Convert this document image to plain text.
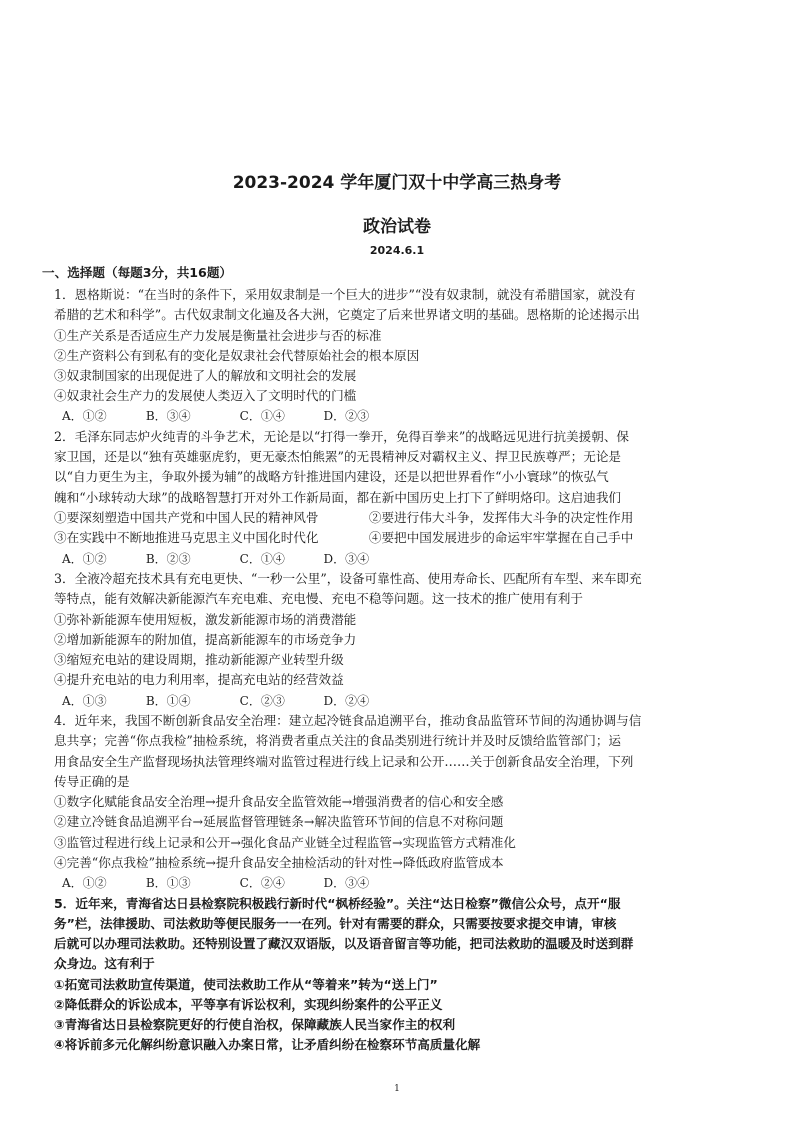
2023-2024 学年厦门双十中学高三热身考
政治试卷
2024.6.1
一、选择题（每题3分，共16题）
1．恩格斯说：“在当时的条件下，采用奴隶制是一个巨大的进步”“没有奴隶制，就没有希腊国家，就没有
希腊的艺术和科学”。古代奴隶制文化遍及各大洲，它奠定了后来世界诸文明的基础。恩格斯的论述揭示出
①生产关系是否适应生产力发展是衡量社会进步与否的标准
②生产资料公有到私有的变化是奴隶社会代替原始社会的根本原因
③奴隶制国家的出现促进了人的解放和文明社会的发展
④奴隶社会生产力的发展使人类迈入了文明时代的门槛
A．①②	B．③④	C．①④	D．②③
2．毛泽东同志炉火纯青的斗争艺术，无论是以“打得一拳开，免得百拳来”的战略远见进行抗美援朝、保
家卫国，还是以“独有英雄驱虎豹，更无豪杰怕熊罴”的无畏精神反对霸权主义、捍卫民族尊严；无论是
以“自力更生为主，争取外援为辅”的战略方针推进国内建设，还是以把世界看作“小小寰球”的恢弘气
魄和“小球转动大球”的战略智慧打开对外工作新局面，都在新中国历史上打下了鲜明烙印。这启迪我们
①要深刻塑造中国共产党和中国人民的精神风骨　　　　②要进行伟大斗争，发挥伟大斗争的决定性作用
③在实践中不断地推进马克思主义中国化时代化　　　　④要把中国发展进步的命运牢牢掌握在自己手中
A．①②	B．②③	C．①④	D．③④
3．全液冷超充技术具有充电更快、“一秒一公里”，设备可靠性高、使用寿命长、匹配所有车型、来车即充
等特点，能有效解决新能源汽车充电难、充电慢、充电不稳等问题。这一技术的推广使用有利于
①弥补新能源车使用短板，激发新能源市场的消费潜能
②增加新能源车的附加值，提高新能源车的市场竞争力
③缩短充电站的建设周期，推动新能源产业转型升级
④提升充电站的电力利用率，提高充电站的经营效益
A．①③	B．①④	C．②③	D．②④
4．近年来，我国不断创新食品安全治理：建立起冷链食品追溯平台，推动食品监管环节间的沟通协调与信
息共享；完善“你点我检”抽检系统，将消费者重点关注的食品类别进行统计并及时反馈给监管部门；运
用食品安全生产监督现场执法管理终端对监管过程进行线上记录和公开……关于创新食品安全治理，下列
传导正确的是
①数字化赋能食品安全治理→提升食品安全监管效能→增强消费者的信心和安全感
②建立冷链食品追溯平台→延展监督管理链条→解决监管环节间的信息不对称问题
③监管过程进行线上记录和公开→强化食品产业链全过程监管→实现监管方式精准化
④完善“你点我检”抽检系统→提升食品安全抽检活动的针对性→降低政府监管成本
A．①②	B．①③	C．②④	D．③④
5．近年来，青海省达日县检察院积极践行新时代“枫桥经验”。关注“达日检察”微信公众号，点开“服
务”栏，法律援助、司法救助等便民服务一一在列。针对有需要的群众，只需要按要求提交申请，审核
后就可以办理司法救助。还特别设置了藏汉双语版，以及语音留言等功能，把司法救助的温暖及时送到群
众身边。这有利于
①拓宽司法救助宣传渠道，使司法救助工作从“等着来”转为“送上门”
②降低群众的诉讼成本，平等享有诉讼权利，实现纠纷案件的公平正义
③青海省达日县检察院更好的行使自治权，保障藏族人民当家作主的权利
④将诉前多元化解纠纷意识融入办案日常，让矛盾纠纷在检察环节高质量化解
1
